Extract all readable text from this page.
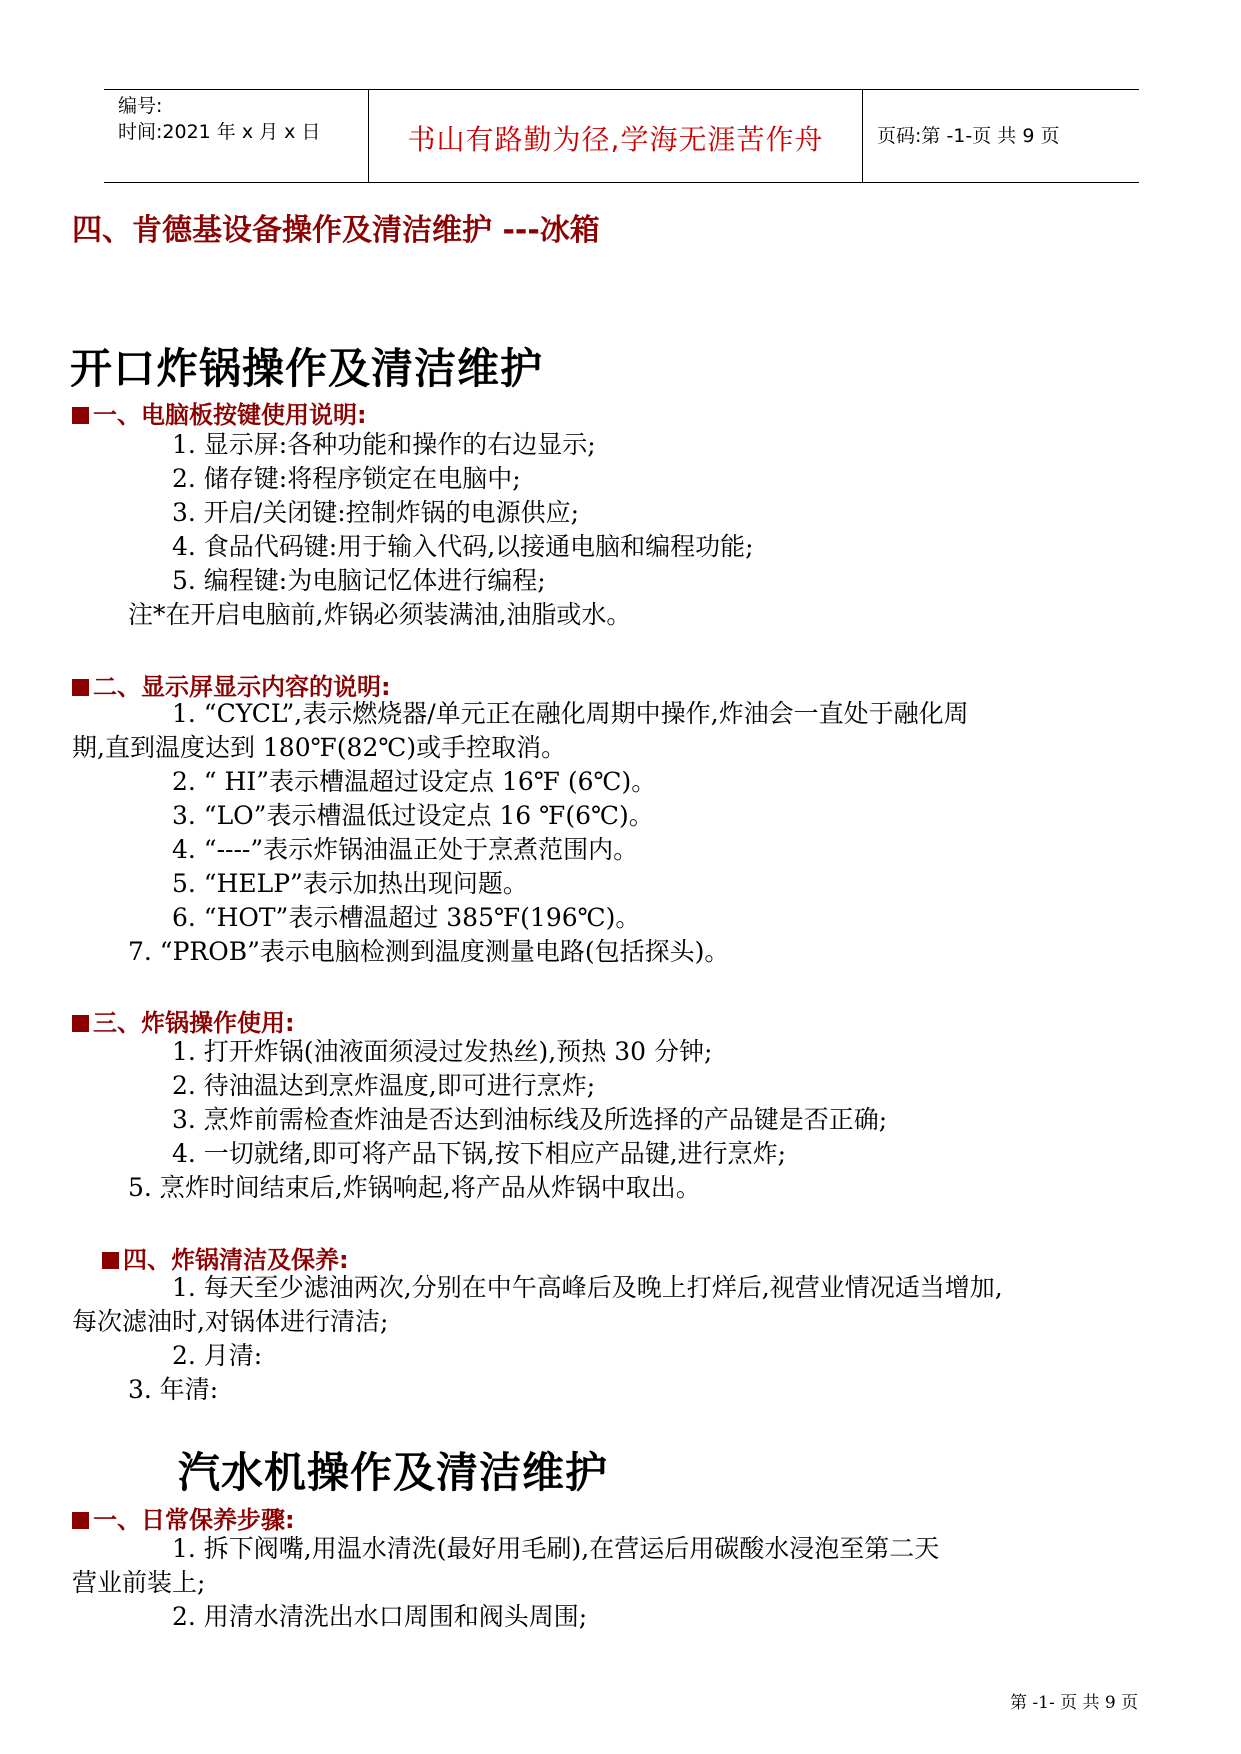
编号:
时间:2021 年 x 月 x 日	书山有路勤为径,学海无涯苦作舟	页码:第 -1-页 共 9 页
四、肯德基设备操作及清洁维护 ---冰箱
开口炸锅操作及清洁维护
一、电脑板按键使用说明:
1. 显示屏:各种功能和操作的右边显示;
2. 储存键:将程序锁定在电脑中;
3. 开启/关闭键:控制炸锅的电源供应;
4. 食品代码键:用于输入代码,以接通电脑和编程功能;
5. 编程键:为电脑记忆体进行编程;
注*在开启电脑前,炸锅必须装满油,油脂或水。
二、显示屏显示内容的说明:
1. “CYCL”,表示燃烧器/单元正在融化周期中操作,炸油会一直处于融化周
期,直到温度达到 180℉(82℃)或手控取消。
2. “ HI”表示槽温超过设定点 16℉ (6℃)。
3. “LO”表示槽温低过设定点 16 ℉(6℃)。
4. “----”表示炸锅油温正处于烹煮范围内。
5. “HELP”表示加热出现问题。
6. “HOT”表示槽温超过 385℉(196℃)。
7. “PROB”表示电脑检测到温度测量电路(包括探头)。
三、炸锅操作使用:
1. 打开炸锅(油液面须浸过发热丝),预热 30 分钟;
2. 待油温达到烹炸温度,即可进行烹炸;
3. 烹炸前需检查炸油是否达到油标线及所选择的产品键是否正确;
4. 一切就绪,即可将产品下锅,按下相应产品键,进行烹炸;
5. 烹炸时间结束后,炸锅响起,将产品从炸锅中取出。
四、炸锅清洁及保养:
1. 每天至少滤油两次,分别在中午高峰后及晚上打烊后,视营业情况适当增加,
每次滤油时,对锅体进行清洁;
2. 月清:
3. 年清:
汽水机操作及清洁维护
一、日常保养步骤:
1. 拆下阀嘴,用温水清洗(最好用毛刷),在营运后用碳酸水浸泡至第二天
营业前装上;
2. 用清水清洗出水口周围和阀头周围;
第 -1- 页 共 9 页
